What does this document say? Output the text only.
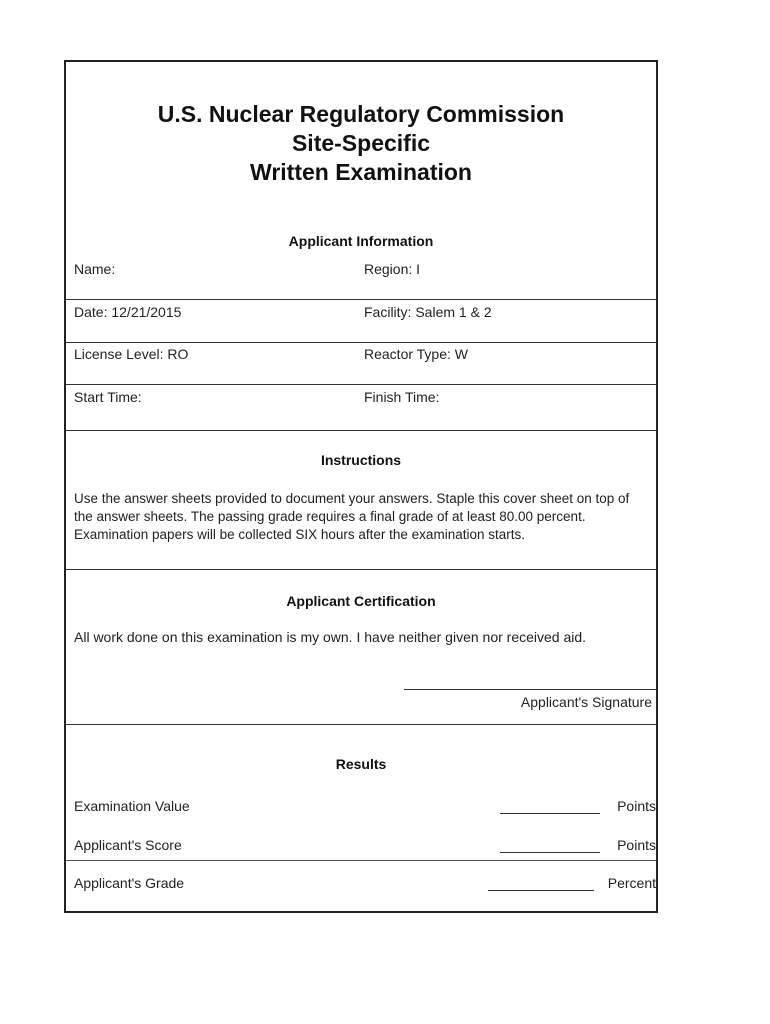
U.S. Nuclear Regulatory Commission
Site-Specific
Written Examination
Applicant Information
Name:	Region: I
Date: 12/21/2015	Facility: Salem 1 & 2
License Level: RO	Reactor Type: W
Start Time:	Finish Time:
Instructions
Use the answer sheets provided to document your answers. Staple this cover sheet on top of the answer sheets. The passing grade requires a final grade of at least 80.00 percent. Examination papers will be collected SIX hours after the examination starts.
Applicant Certification
All work done on this examination is my own. I have neither given nor received aid.
Applicant's Signature
Results
Examination Value	Points
Applicant's Score	Points
Applicant's Grade	Percent
